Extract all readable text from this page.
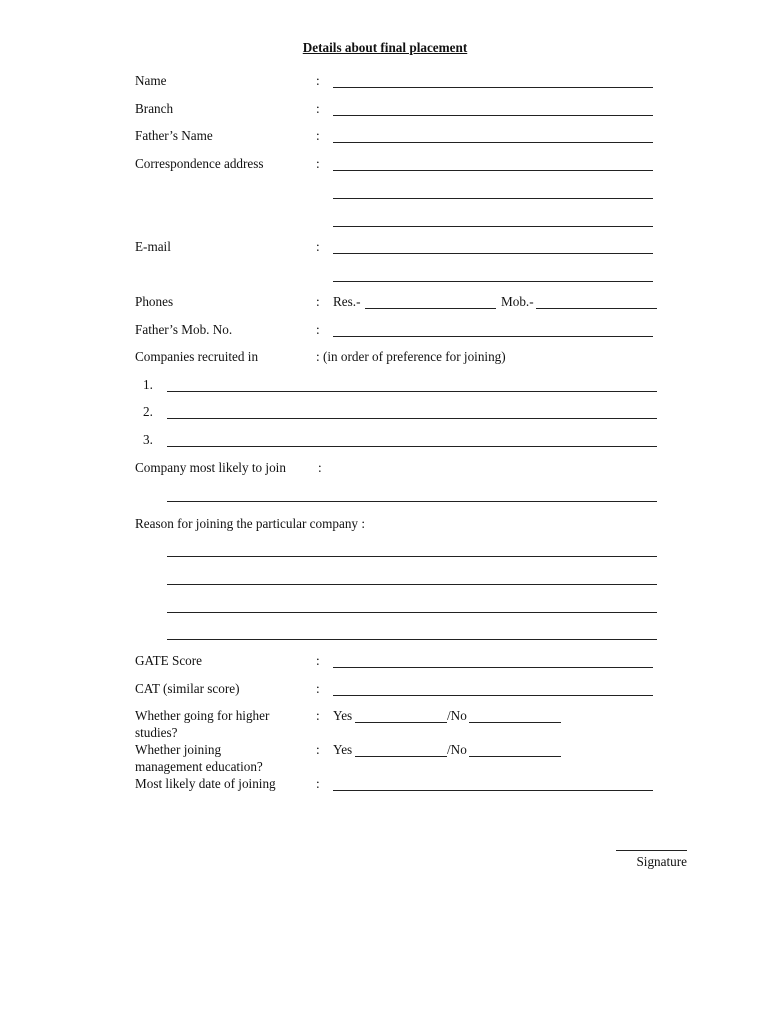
Details about final placement
Name	:
Branch	:
Father’s Name	:
Correspondence address	:
E-mail	:
Phones	: Res.-	Mob.-
Father’s Mob. No.	:
Companies recruited in	: (in order of preference for joining)
1.
2.
3.
Company most likely to join :
Reason for joining the particular company :
GATE Score	:
CAT (similar score)	:
Whether going for higher
studies?
: Yes	/No
Whether joining
management education?
: Yes	/No
Most likely date of joining	:
Signature
